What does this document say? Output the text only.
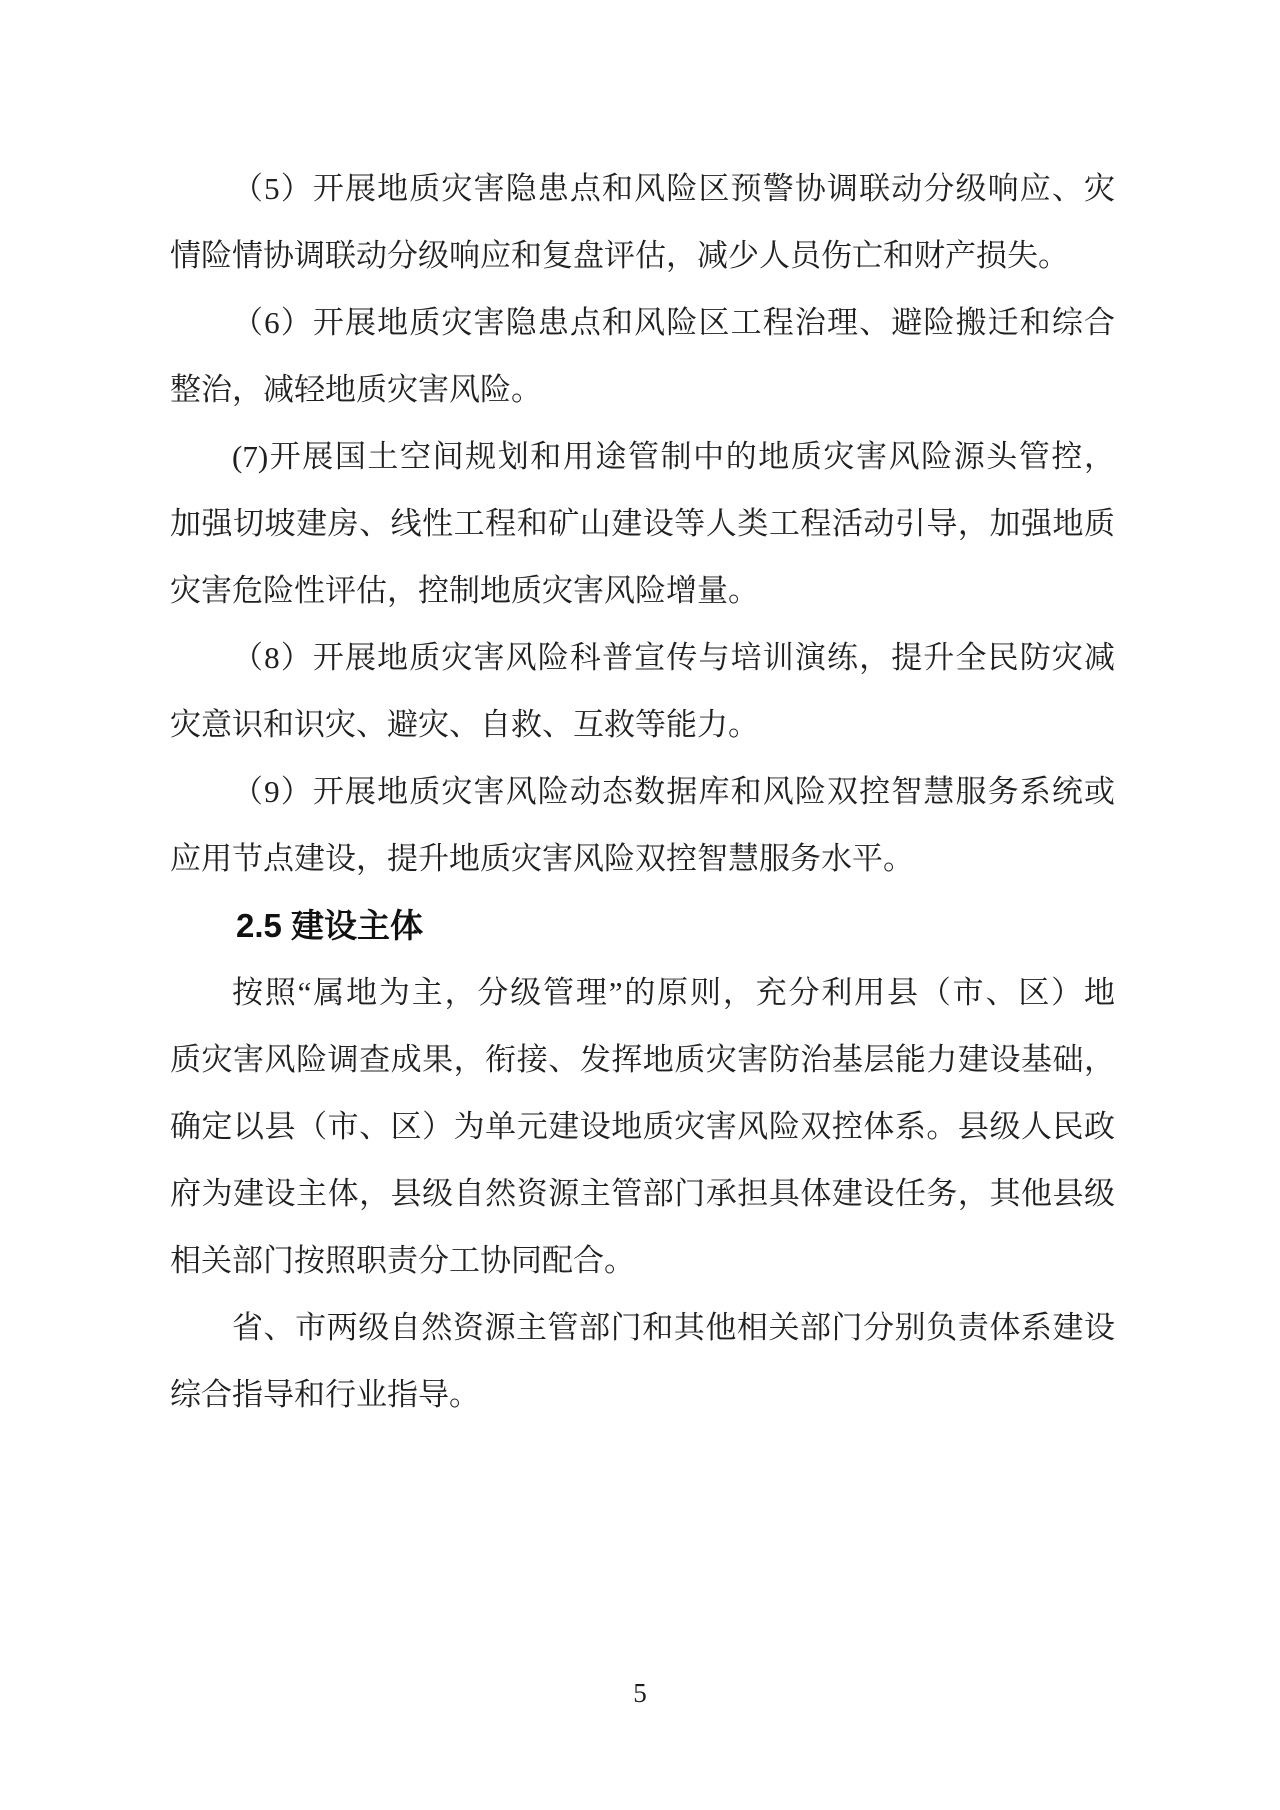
（5）开展地质灾害隐患点和风险区预警协调联动分级响应、灾
情险情协调联动分级响应和复盘评估，减少人员伤亡和财产损失。
（6）开展地质灾害隐患点和风险区工程治理、避险搬迁和综合
整治，减轻地质灾害风险。
(7)开展国土空间规划和用途管制中的地质灾害风险源头管控，
加强切坡建房、线性工程和矿山建设等人类工程活动引导，加强地质
灾害危险性评估，控制地质灾害风险增量。
（8）开展地质灾害风险科普宣传与培训演练，提升全民防灾减
灾意识和识灾、避灾、自救、互救等能力。
（9）开展地质灾害风险动态数据库和风险双控智慧服务系统或
应用节点建设，提升地质灾害风险双控智慧服务水平。
2.5 建设主体
按照“属地为主，分级管理”的原则，充分利用县（市、区）地
质灾害风险调查成果，衔接、发挥地质灾害防治基层能力建设基础，
确定以县（市、区）为单元建设地质灾害风险双控体系。县级人民政
府为建设主体，县级自然资源主管部门承担具体建设任务，其他县级
相关部门按照职责分工协同配合。
省、市两级自然资源主管部门和其他相关部门分别负责体系建设
综合指导和行业指导。
5
